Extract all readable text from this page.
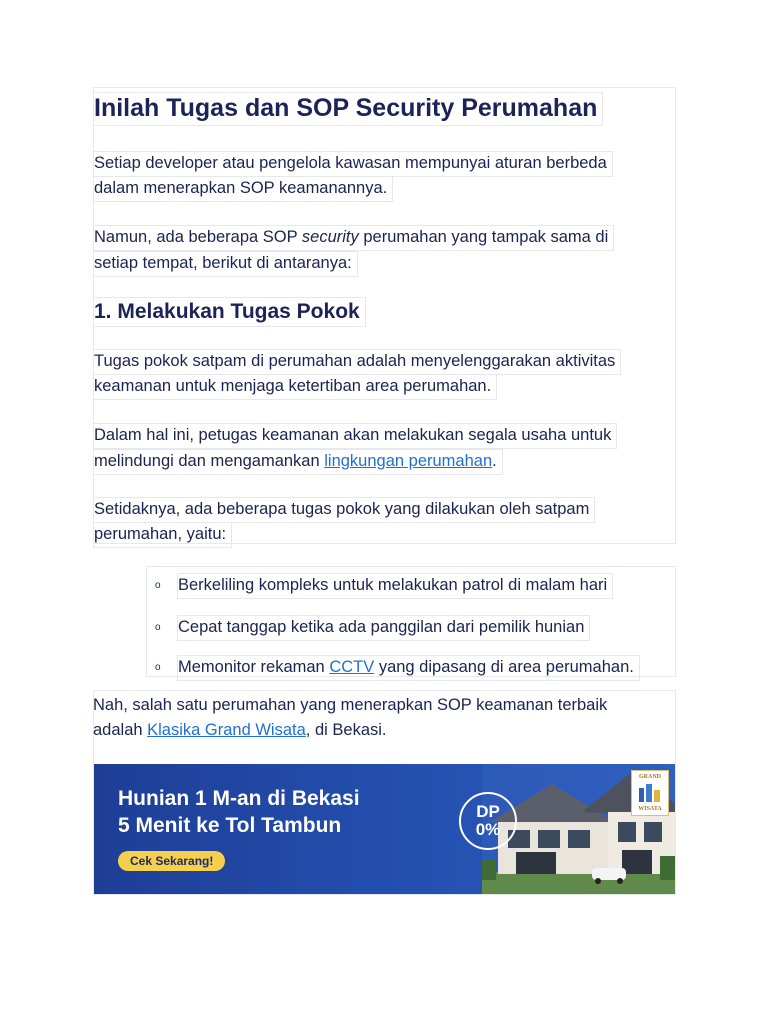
Inilah Tugas dan SOP Security Perumahan
Setiap developer atau pengelola kawasan mempunyai aturan berbeda
dalam menerapkan SOP keamanannya.
Namun, ada beberapa SOP security perumahan yang tampak sama di
setiap tempat, berikut di antaranya:
1. Melakukan Tugas Pokok
Tugas pokok satpam di perumahan adalah menyelenggarakan aktivitas
keamanan untuk menjaga ketertiban area perumahan.
Dalam hal ini, petugas keamanan akan melakukan segala usaha untuk
melindungi dan mengamankan lingkungan perumahan.
Setidaknya, ada beberapa tugas pokok yang dilakukan oleh satpam
perumahan, yaitu:
o Berkeliling kompleks untuk melakukan patrol di malam hari
o Cepat tanggap ketika ada panggilan dari pemilik hunian
o Memonitor rekaman CCTV yang dipasang di area perumahan.
Nah, salah satu perumahan yang menerapkan SOP keamanan terbaik
adalah Klasika Grand Wisata, di Bekasi.
Hunian 1 M-an di Bekasi
5 Menit ke Tol Tambun
Cek Sekarang!
DP
0%
GRAND
WISATA
